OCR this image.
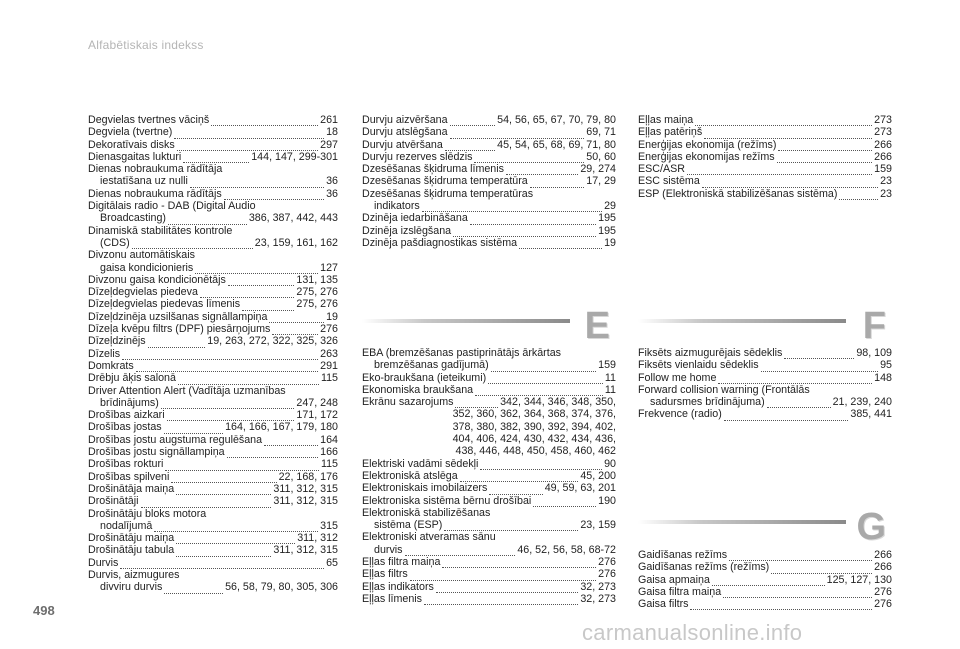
Alfabētiskais indekss
Degvielas tvertnes vāciņš	261
Degviela (tvertne)	18
Dekoratīvais disks	297
Dienasgaitas lukturi	144, 147, 299-301
Dienas nobraukuma rādītāja
iestatīšana uz nulli	36
Dienas nobraukuma rādītājs	36
Digitālais radio - DAB (Digital Audio
Broadcasting)	386, 387, 442, 443
Dinamiskā stabilitātes kontrole
(CDS)	23, 159, 161, 162
Divzonu automātiskais
gaisa kondicionieris	127
Divzonu gaisa kondicionētājs	131, 135
Dīzeļdegvielas piedeva	275, 276
Dīzeļdegvielas piedevas līmenis	275, 276
Dīzeļdzinēja uzsilšanas signāllampiņa	19
Dīzeļa kvēpu filtrs (DPF) piesārņojums	276
Dīzeļdzinējs	19, 263, 272, 322, 325, 326
Dīzelis	263
Domkrats	291
Drēbju āķis salonā	115
Driver Attention Alert (Vadītāja uzmanības
brīdinājums)	247, 248
Drošības aizkari	171, 172
Drošības jostas	164, 166, 167, 179, 180
Drošības jostu augstuma regulēšana	164
Drošības jostu signāllampiņa	166
Drošības rokturi	115
Drošības spilveni	22, 168, 176
Drošinātāja maiņa	311, 312, 315
Drošinātāji	311, 312, 315
Drošinātāju bloks motora
nodalījumā	315
Drošinātāju maiņa	311, 312
Drošinātāju tabula	311, 312, 315
Durvis	65
Durvis, aizmugures
divviru durvis	56, 58, 79, 80, 305, 306
Durvju aizvēršana	54, 56, 65, 67, 70, 79, 80
Durvju atslēgšana	69, 71
Durvju atvēršana	45, 54, 65, 68, 69, 71, 80
Durvju rezerves slēdzis	50, 60
Dzesēšanas šķidruma līmenis	29, 274
Dzesēšanas šķidruma temperatūra	17, 29
Dzesēšanas šķidruma temperatūras
indikators	29
Dzinēja iedarbināšana	195
Dzinēja izslēgšana	195
Dzinēja pašdiagnostikas sistēma	19
Eļļas maiņa	273
Eļļas patēriņš	273
Enerģijas ekonomija (režīms)	266
Enerģijas ekonomijas režīms	266
ESC/ASR	159
ESC sistēma	23
ESP (Elektroniskā stabilizēšanas sistēma)	23
E
EBA (bremzēšanas pastiprinātājs ārkārtas
bremzēšanas gadījumā)	159
Eko-braukšana (ieteikumi)	11
Ekonomiska braukšana	11
Ekrānu sazarojums	342, 344, 346, 348, 350,
352, 360, 362, 364, 368, 374, 376,
378, 380, 382, 390, 392, 394, 402,
404, 406, 424, 430, 432, 434, 436,
438, 446, 448, 450, 458, 460, 462
Elektriski vadāmi sēdekļi	90
Elektroniskā atslēga	45, 200
Elektroniskais imobilaizers	49, 59, 63, 201
Elektroniska sistēma bērnu drošībai	190
Elektroniskā stabilizēšanas
sistēma (ESP)	23, 159
Elektroniski atveramas sānu
durvis	46, 52, 56, 58, 68-72
Eļļas filtra maiņa	276
Eļļas filtrs	276
Eļļas indikators	32, 273
Eļļas līmenis	32, 273
F
Fiksēts aizmugurējais sēdeklis	98, 109
Fiksēts vienlaidu sēdeklis	95
Follow me home	148
Forward collision warning (Frontālās
sadursmes brīdinājuma)	21, 239, 240
Frekvence (radio)	385, 441
G
Gaidīšanas režīms	266
Gaidīšanas režīms (režīms)	266
Gaisa apmaiņa	125, 127, 130
Gaisa filtra maiņa	276
Gaisa filtrs	276
498
carmanualsonline.info
